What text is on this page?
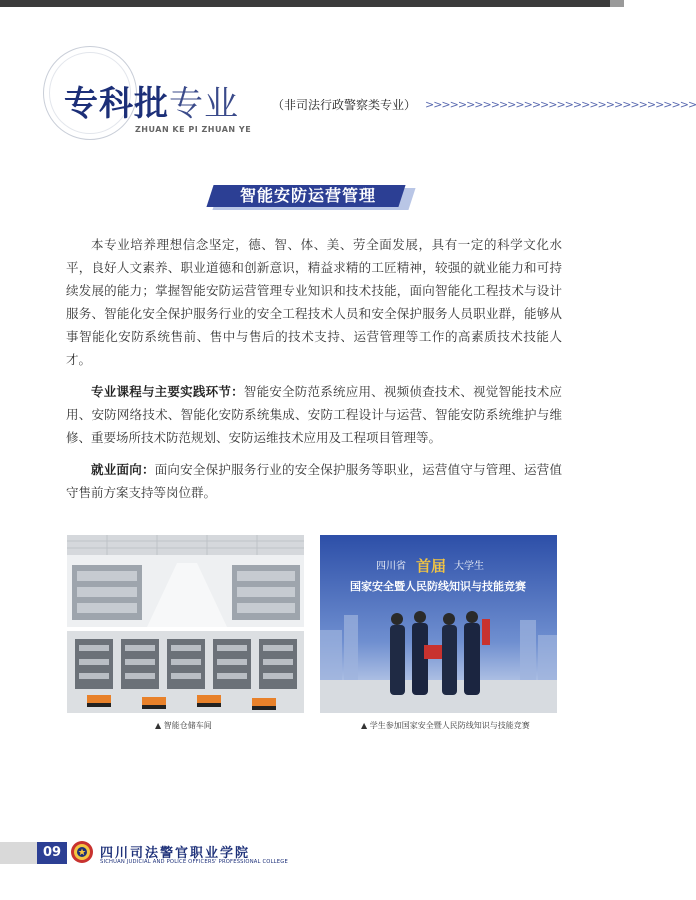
专科批专业	（非司法行政警察类专业） >>>>>>>>>>>>>>>>>>>>>>>>>>>>>>>>>
ZHUAN KE PI ZHUAN YE
智能安防运营管理

本专业培养理想信念坚定，德、智、体、美、劳全面发展，具有一定的科学文化水平，良好人文素养、职业道德和创新意识，精益求精的工匠精神，较强的就业能力和可持续发展的能力；掌握智能安防运营管理专业知识和技术技能，面向智能化工程技术与设计服务、智能化安全保护服务行业的安全工程技术人员和安全保护服务人员职业群，能够从事智能化安防系统售前、售中与售后的技术支持、运营管理等工作的高素质技术技能人才。

专业课程与主要实践环节：智能安全防范系统应用、视频侦查技术、视觉智能技术应用、安防网络技术、智能化安防系统集成、安防工程设计与运营、智能安防系统维护与维修、重要场所技术防范规划、安防运维技术应用及工程项目管理等。

就业面向：面向安全保护服务行业的安全保护服务等职业，运营值守与管理、运营值守售前方案支持等岗位群。

▲ 智能仓储车间
四川省 首届 大学生
国家安全暨人民防线知识与技能竞赛
▲ 学生参加国家安全暨人民防线知识与技能竞赛
09	四川司法警官职业学院
SICHUAN JUDICIAL AND POLICE OFFICERS' PROFESSIONAL COLLEGE
